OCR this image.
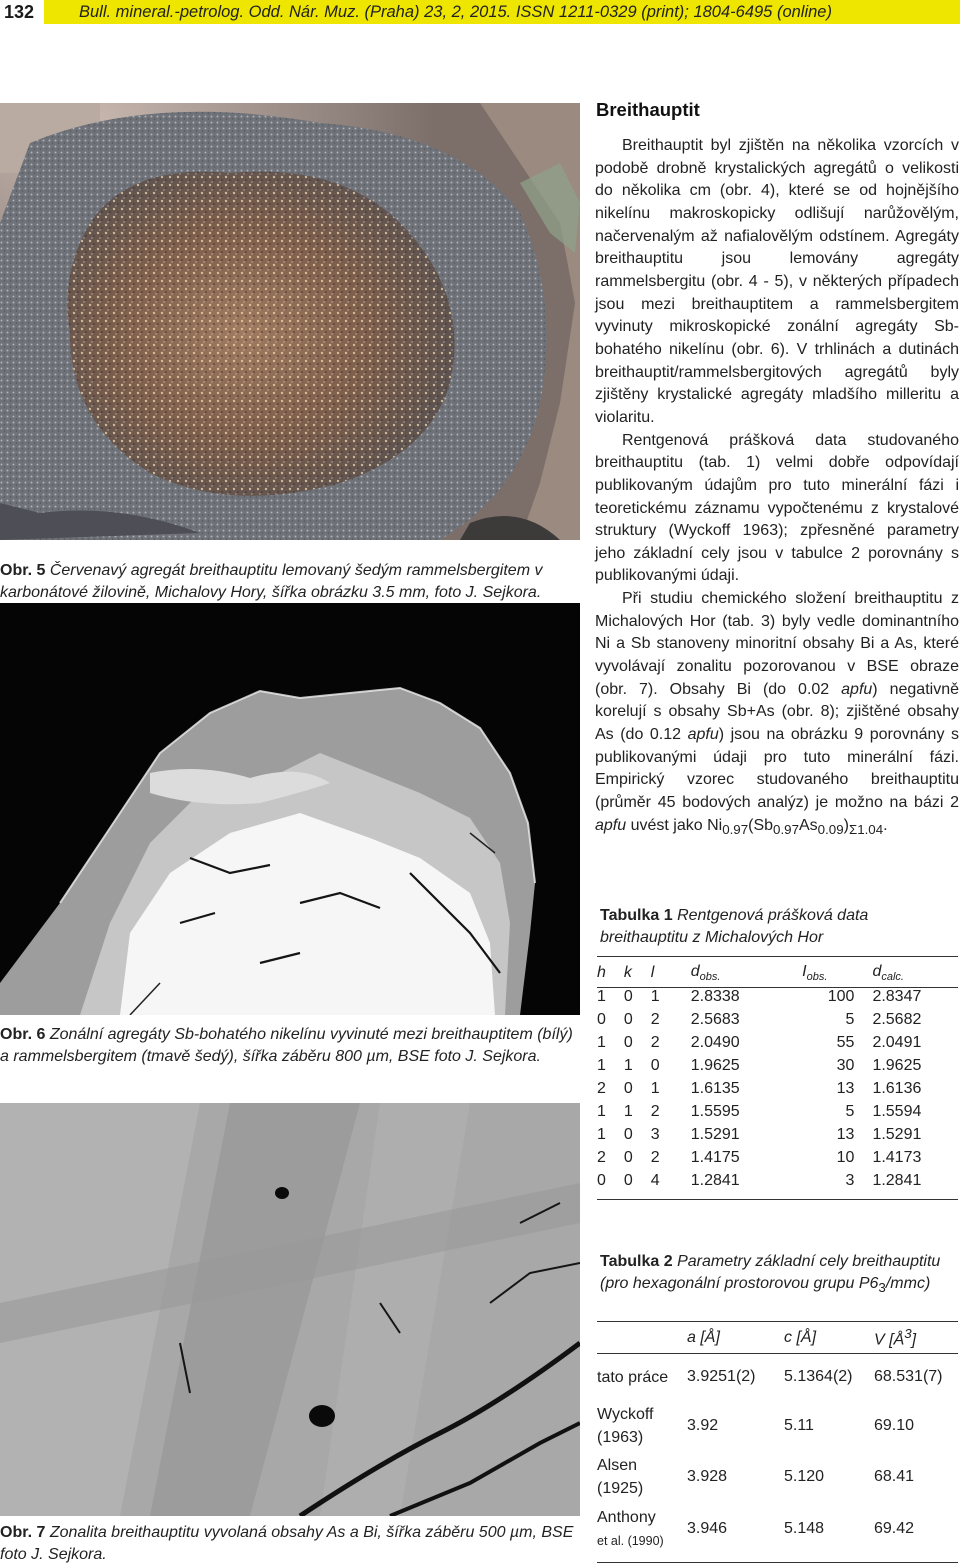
132	Bull. mineral.-petrolog. Odd. Nár. Muz. (Praha) 23, 2, 2015. ISSN 1211-0329 (print); 1804-6495 (online)
Obr. 5 Červenavý agregát breithauptitu lemovaný šedým rammelsbergitem v karbonátové žilovině, Michalovy Hory, šířka obrázku 3.5 mm, foto J. Sejkora.
Obr. 6 Zonální agregáty Sb-bohatého nikelínu vyvinuté mezi breithauptitem (bílý) a rammelsbergitem (tmavě šedý), šířka záběru 800 µm, BSE foto J. Sejkora.
Obr. 7 Zonalita breithauptitu vyvolaná obsahy As a Bi, šířka záběru 500 µm, BSE foto J. Sejkora.
Breithauptit

Breithauptit byl zjištěn na několika vzorcích v podobě drobně krystalických agregátů o velikosti do několika cm (obr. 4), které se od hojnějšího nikelínu makroskopicky odlišují narůžovělým, načervenalým až nafialovělým odstínem. Agregáty breithauptitu jsou lemovány agregáty rammelsbergitu (obr. 4 - 5), v některých případech jsou mezi breithauptitem a rammelsbergitem vyvinuty mikroskopické zonální agregáty Sb-bohatého nikelínu (obr. 6). V trhlinách a dutinách breithauptit/rammelsbergitových agregátů byly zjištěny krystalické agregáty mladšího milleritu a violaritu.

Rentgenová prášková data studovaného breithauptitu (tab. 1) velmi dobře odpovídají publikovaným údajům pro tuto minerální fázi i teoretickému záznamu vypočtenému z krystalové struktury (Wyckoff 1963); zpřesněné parametry jeho základní cely jsou v tabulce 2 porovnány s publikovanými údaji.

Při studiu chemického složení breithauptitu z Michalových Hor (tab. 3) byly vedle dominantního Ni a Sb stanoveny minoritní obsahy Bi a As, které vyvolávají zonalitu pozorovanou v BSE obraze (obr. 7). Obsahy Bi (do 0.02 apfu) negativně korelují s obsahy Sb+As (obr. 8); zjištěné obsahy As (do 0.12 apfu) jsou na obrázku 9 porovnány s publikovanými údaji pro tuto minerální fázi. Empirický vzorec studovaného breithauptitu (průměr 45 bodových analýz) je možno na bázi 2 apfu uvést jako $Ni_{0.97}(Sb_{0.97}As_{0.09})_{\Sigma 1.04}$.

Tabulka 1 Rentgenová prášková data breithauptitu z Michalových Hor
h	k	l	$d_{obs.}$	$I_{obs.}$	$d_{calc.}$
1	0	1	2.8338	100	2.8347
0	0	2	2.5683	5	2.5682
1	0	2	2.0490	55	2.0491
1	1	0	1.9625	30	1.9625
2	0	1	1.6135	13	1.6136
1	1	2	1.5595	5	1.5594
1	0	3	1.5291	13	1.5291
2	0	2	1.4175	10	1.4173
0	0	4	1.2841	3	1.2841
Tabulka 2 Parametry základní cely breithauptitu (pro hexagonální prostorovou grupu $P6_3/mmc$)
	a [Å]	c [Å]	V $[Å^3]$
tato práce	3.9251(2)	5.1364(2)	68.531(7)
Wyckoff (1963)	3.92	5.11	69.10
Alsen (1925)	3.928	5.120	68.41
Anthony
et al. (1990)	3.946	5.148	69.42
